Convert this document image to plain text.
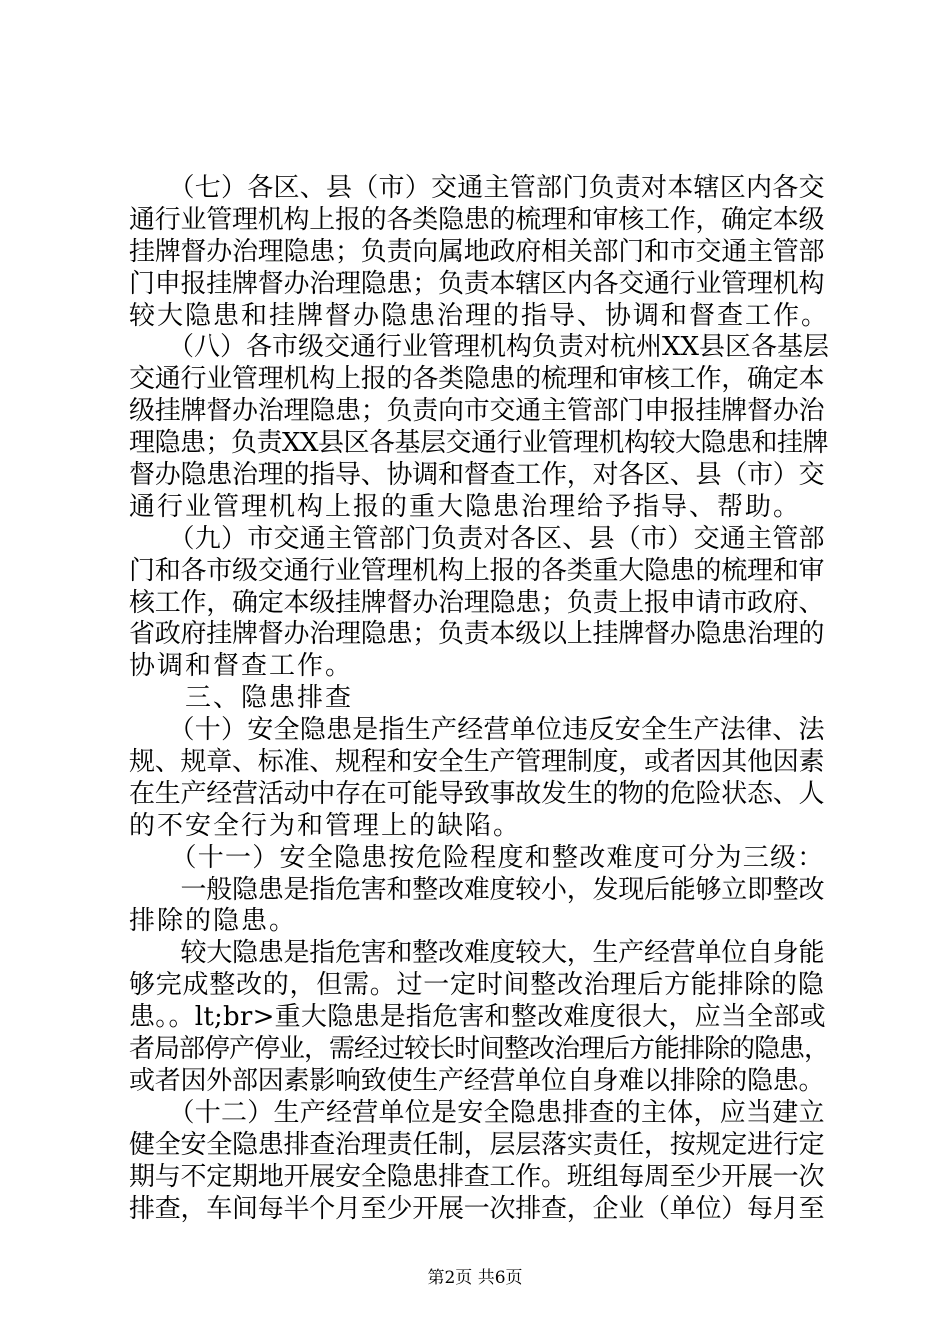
　　（七）各区、县（市）交通主管部门负责对本辖区内各交
通行业管理机构上报的各类隐患的梳理和审核工作，确定本级
挂牌督办治理隐患；负责向属地政府相关部门和市交通主管部
门申报挂牌督办治理隐患；负责本辖区内各交通行业管理机构
较大隐患和挂牌督办隐患治理的指导、协调和督查工作。
　　（八）各市级交通行业管理机构负责对杭州XX县区各基层
交通行业管理机构上报的各类隐患的梳理和审核工作，确定本
级挂牌督办治理隐患；负责向市交通主管部门申报挂牌督办治
理隐患；负责XX县区各基层交通行业管理机构较大隐患和挂牌
督办隐患治理的指导、协调和督查工作，对各区、县（市）交
通行业管理机构上报的重大隐患治理给予指导、帮助。
　　（九）市交通主管部门负责对各区、县（市）交通主管部
门和各市级交通行业管理机构上报的各类重大隐患的梳理和审
核工作，确定本级挂牌督办治理隐患；负责上报申请市政府、
省政府挂牌督办治理隐患；负责本级以上挂牌督办隐患治理的
协调和督查工作。
　　三、隐患排查
　　（十）安全隐患是指生产经营单位违反安全生产法律、法
规、规章、标准、规程和安全生产管理制度，或者因其他因素
在生产经营活动中存在可能导致事故发生的物的危险状态、人
的不安全行为和管理上的缺陷。
　　（十一）安全隐患按危险程度和整改难度可分为三级：
　　一般隐患是指危害和整改难度较小，发现后能够立即整改
排除的隐患。
　　较大隐患是指危害和整改难度较大，生产经营单位自身能
够完成整改的，但需。过一定时间整改治理后方能排除的隐
患。。lt;br>重大隐患是指危害和整改难度很大，应当全部或
者局部停产停业，需经过较长时间整改治理后方能排除的隐患，
或者因外部因素影响致使生产经营单位自身难以排除的隐患。
　　（十二）生产经营单位是安全隐患排查的主体，应当建立
健全安全隐患排查治理责任制，层层落实责任，按规定进行定
期与不定期地开展安全隐患排查工作。班组每周至少开展一次
排查，车间每半个月至少开展一次排查，企业（单位）每月至
第2页 共6页
